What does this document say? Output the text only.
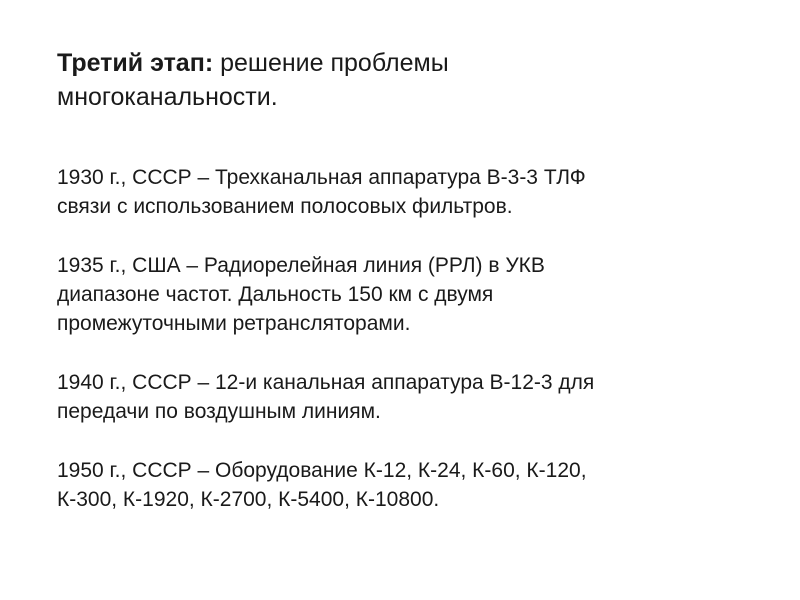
Третий этап: решение проблемы
многоканальности.
1930 г., СССР – Трехканальная аппаратура В-3-3 ТЛФ
связи с использованием полосовых фильтров.
1935 г., США – Радиорелейная линия (РРЛ) в УКВ
диапазоне частот. Дальность 150 км с двумя
промежуточными ретрансляторами.
1940 г., СССР – 12-и канальная аппаратура В-12-3 для
передачи по воздушным линиям.
1950 г., СССР – Оборудование К-12, К-24, К-60, К-120,
К-300, К-1920, К-2700, К-5400, К-10800.
